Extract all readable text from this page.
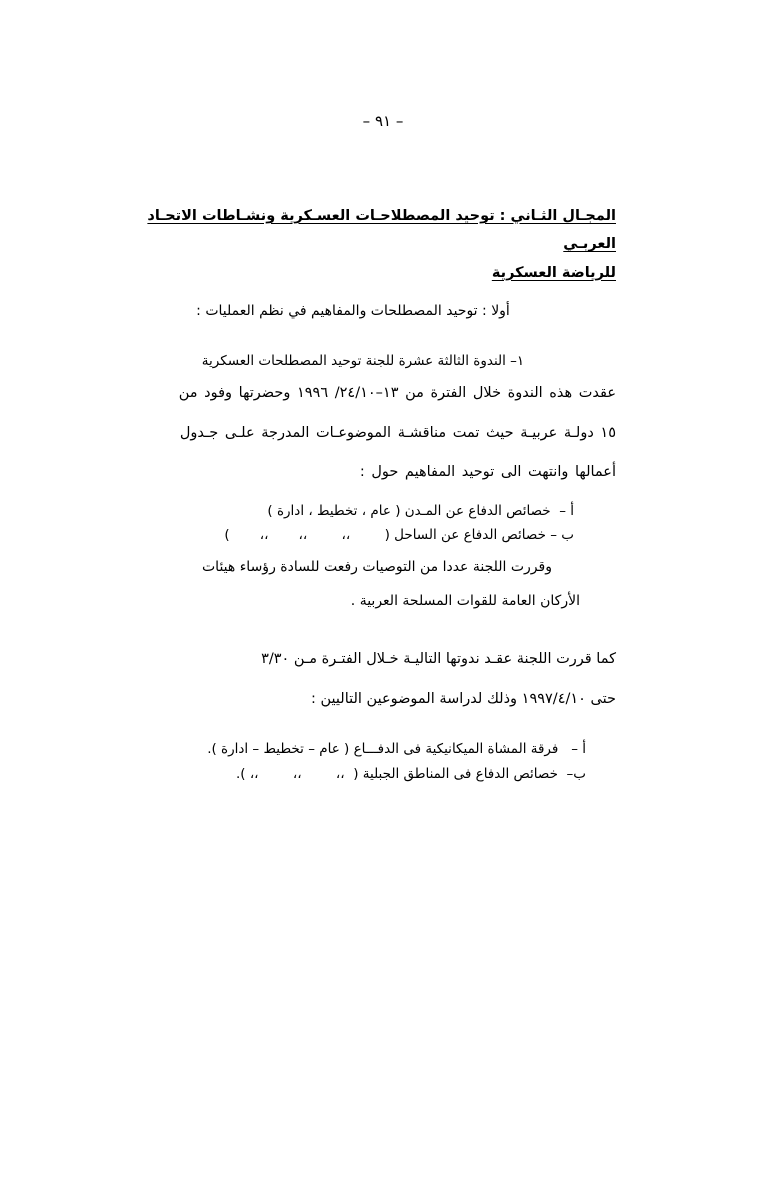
– ٩١ –
المجـال الثـاني : توحيد المصطلاحـات العسـكرية ونشـاطات الاتحـاد العربـي
للرياضة العسكرية
أولا : توحيد المصطلحات والمفاهيم في نظم العمليات :
١– الندوة الثالثة عشرة للجنة توحيد المصطلحات العسكرية
عقدت هذه الندوة خلال الفترة من ١٣–٢٤/١٠/ ١٩٩٦ وحضرتها وفود من
١٥ دولـة عربيـة حيث تمت مناقشـة الموضوعـات المدرجة علـى جـدول
أعمالها وانتهت الى توحيد المفاهيم حول :
أ –  خصائص الدفاع عن المـدن ( عام ، تخطيط ، ادارة )
ب – خصائص الدفاع عن الساحل (        ،،        ،،       ،،       )
وقررت اللجنة عددا من التوصيات رفعت للسادة رؤساء هيئات
الأركان العامة للقوات المسلحة العربية .
كما قررت اللجنة عقـد ندوتها التاليـة خـلال الفتـرة مـن ٣/٣٠
حتى ١٩٩٧/٤/١٠ وذلك لدراسة الموضوعين التاليين :
أ –   فرقة المشاة الميكانيكية فى الدفـــاع ( عام – تخطيط – ادارة ).
ب–  خصائص الدفاع فى المناطق الجبلية (  ،،        ،،        ،، ).
